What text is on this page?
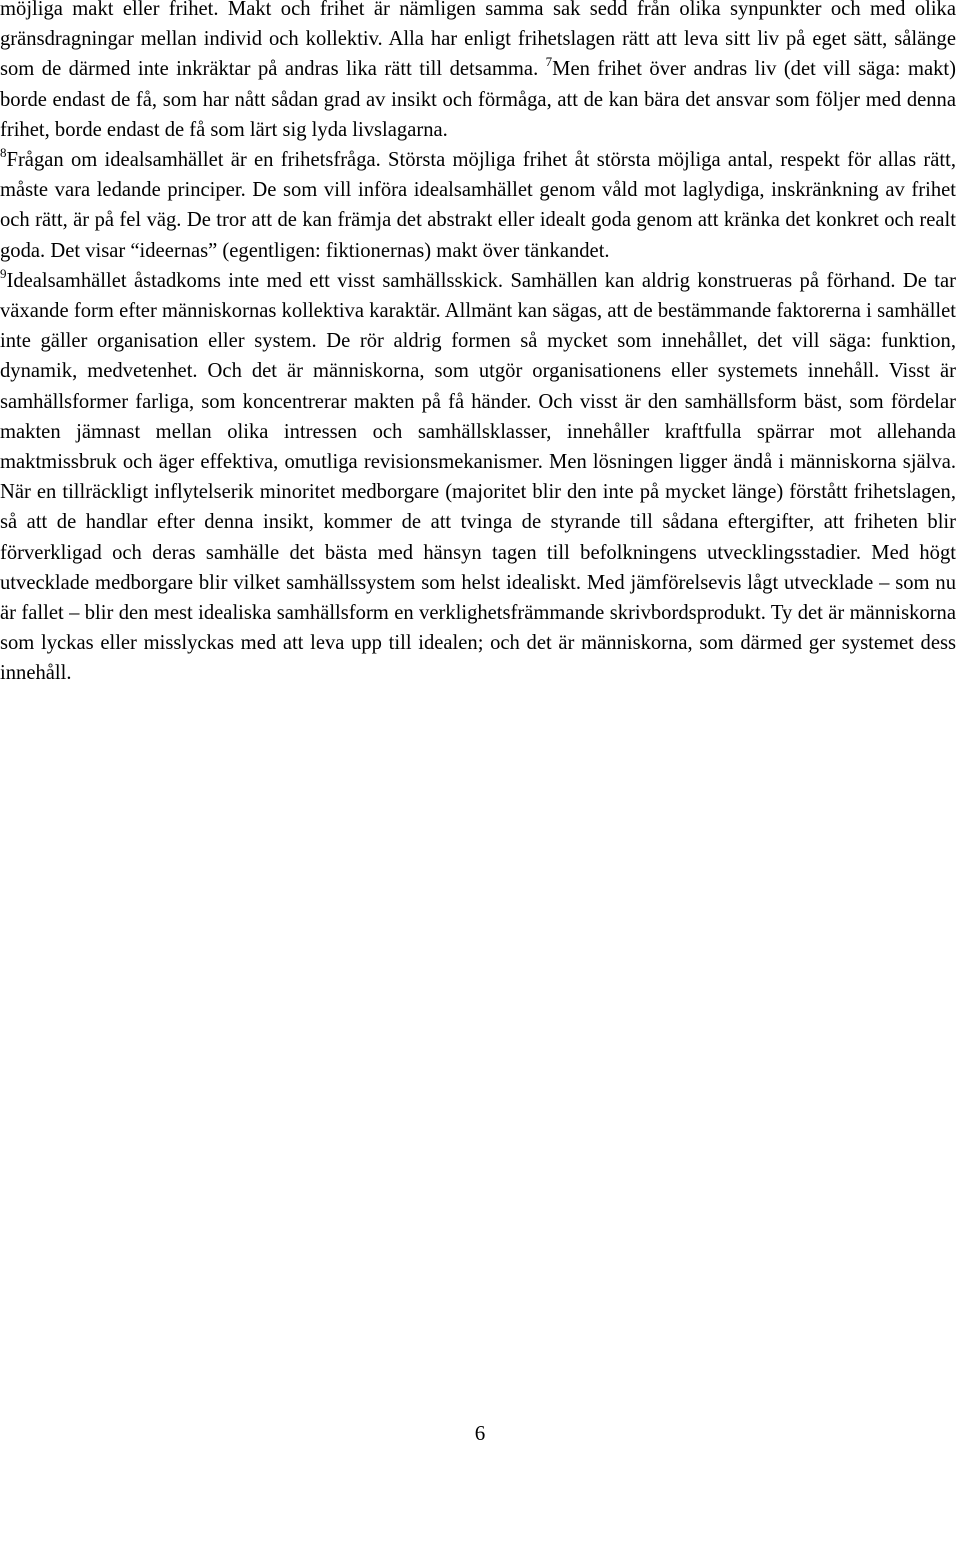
möjliga makt eller frihet. Makt och frihet är nämligen samma sak sedd från olika synpunkter och med olika gränsdragningar mellan individ och kollektiv. Alla har enligt frihetslagen rätt att leva sitt liv på eget sätt, sålänge som de därmed inte inkräktar på andras lika rätt till detsamma. $^7$Men frihet över andras liv (det vill säga: makt) borde endast de få, som har nått sådan grad av insikt och förmåga, att de kan bära det ansvar som följer med denna frihet, borde endast de få som lärt sig lyda livslagarna.

$^8$Frågan om idealsamhället är en frihetsfråga. Största möjliga frihet åt största möjliga antal, respekt för allas rätt, måste vara ledande principer. De som vill införa idealsamhället genom våld mot laglydiga, inskränkning av frihet och rätt, är på fel väg. De tror att de kan främja det abstrakt eller idealt goda genom att kränka det konkret och realt goda. Det visar “ideernas” (egentligen: fiktionernas) makt över tänkandet.

$^9$Idealsamhället åstadkoms inte med ett visst samhällsskick. Samhällen kan aldrig konstrueras på förhand. De tar växande form efter människornas kollektiva karaktär. Allmänt kan sägas, att de bestämmande faktorerna i samhället inte gäller organisation eller system. De rör aldrig formen så mycket som innehållet, det vill säga: funktion, dynamik, medvetenhet. Och det är människorna, som utgör organisationens eller systemets innehåll. Visst är samhällsformer farliga, som koncentrerar makten på få händer. Och visst är den samhällsform bäst, som fördelar makten jämnast mellan olika intressen och samhällsklasser, innehåller kraftfulla spärrar mot allehanda maktmissbruk och äger effektiva, omutliga revisionsmekanismer. Men lösningen ligger ändå i människorna själva. När en tillräckligt inflytelserik minoritet medborgare (majoritet blir den inte på mycket länge) förstått frihetslagen, så att de handlar efter denna insikt, kommer de att tvinga de styrande till sådana eftergifter, att friheten blir förverkligad och deras samhälle det bästa med hänsyn tagen till befolkningens utvecklingsstadier. Med högt utvecklade medborgare blir vilket samhällssystem som helst idealiskt. Med jämförelsevis lågt utvecklade – som nu är fallet – blir den mest idealiska samhällsform en verklighetsfrämmande skrivbordsprodukt. Ty det är människorna som lyckas eller misslyckas med att leva upp till idealen; och det är människorna, som därmed ger systemet dess innehåll.

6
